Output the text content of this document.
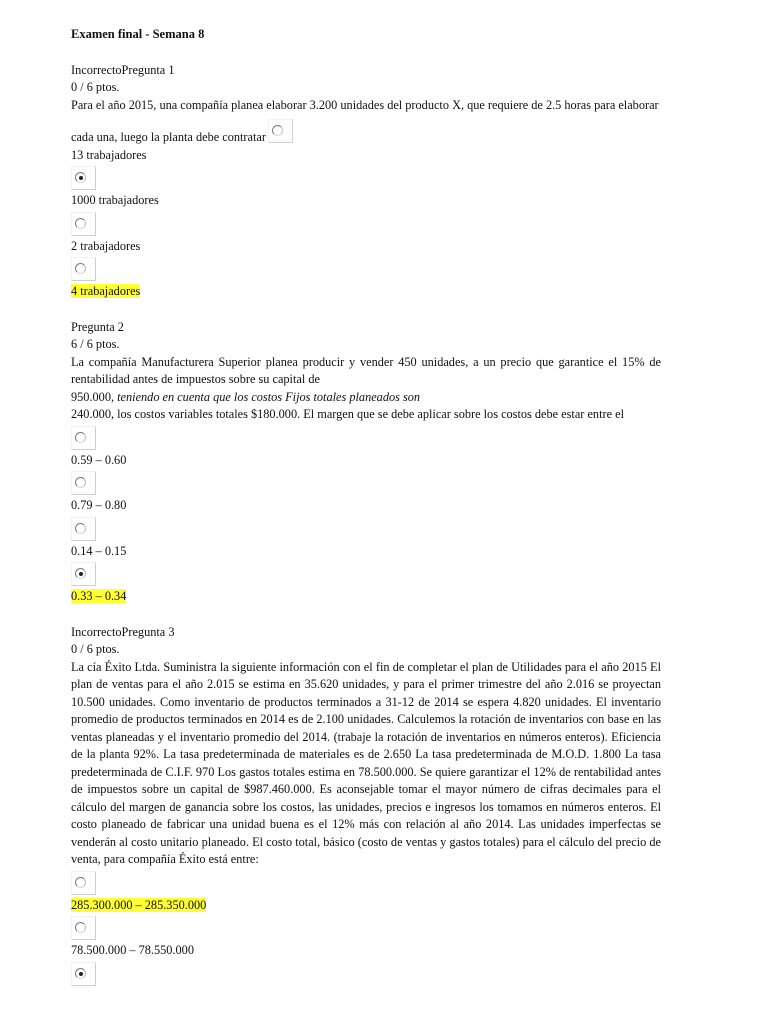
Examen final - Semana 8
IncorrectoPregunta 1
0 / 6 ptos.
Para el año 2015, una compañía planea elaborar 3.200 unidades del producto X, que requiere de 2.5 horas para elaborar
cada una, luego la planta debe contratar
13 trabajadores
1000 trabajadores
2 trabajadores
4 trabajadores
Pregunta 2
6 / 6 ptos.
La compañía Manufacturera Superior planea producir y vender 450 unidades, a un precio que garantice el 15% de rentabilidad antes de impuestos sobre su capital de
950.000, teniendo en cuenta que los costos Fijos totales planeados son
240.000, los costos variables totales $180.000. El margen que se debe aplicar sobre los costos debe estar entre el
0.59 – 0.60
0.79 – 0.80
0.14 – 0.15
0.33 – 0.34
IncorrectoPregunta 3
0 / 6 ptos.
La cía Éxito Ltda. Suministra la siguiente información con el fin de completar el plan de Utilidades para el año 2015 El plan de ventas para el año 2.015 se estima en 35.620 unidades, y para el primer trimestre del año 2.016 se proyectan 10.500 unidades. Como inventario de productos terminados a 31-12 de 2014 se espera 4.820 unidades. El inventario promedio de productos terminados en 2014 es de 2.100 unidades. Calculemos la rotación de inventarios con base en las ventas planeadas y el inventario promedio del 2014. (trabaje la rotación de inventarios en números enteros). Eficiencia de la planta 92%. La tasa predeterminada de materiales es de 2.650 La tasa predeterminada de M.O.D. 1.800 La tasa predeterminada de C.I.F. 970 Los gastos totales estima en 78.500.000. Se quiere garantizar el 12% de rentabilidad antes de impuestos sobre un capital de $987.460.000. Es aconsejable tomar el mayor número de cifras decimales para el cálculo del margen de ganancia sobre los costos, las unidades, precios e ingresos los tomamos en números enteros. El costo planeado de fabricar una unidad buena es el 12% más con relación al año 2014. Las unidades imperfectas se venderán al costo unitario planeado. El costo total, básico (costo de ventas y gastos totales) para el cálculo del precio de venta, para compañía Éxito está entre:
285.300.000 – 285.350.000
78.500.000 – 78.550.000
